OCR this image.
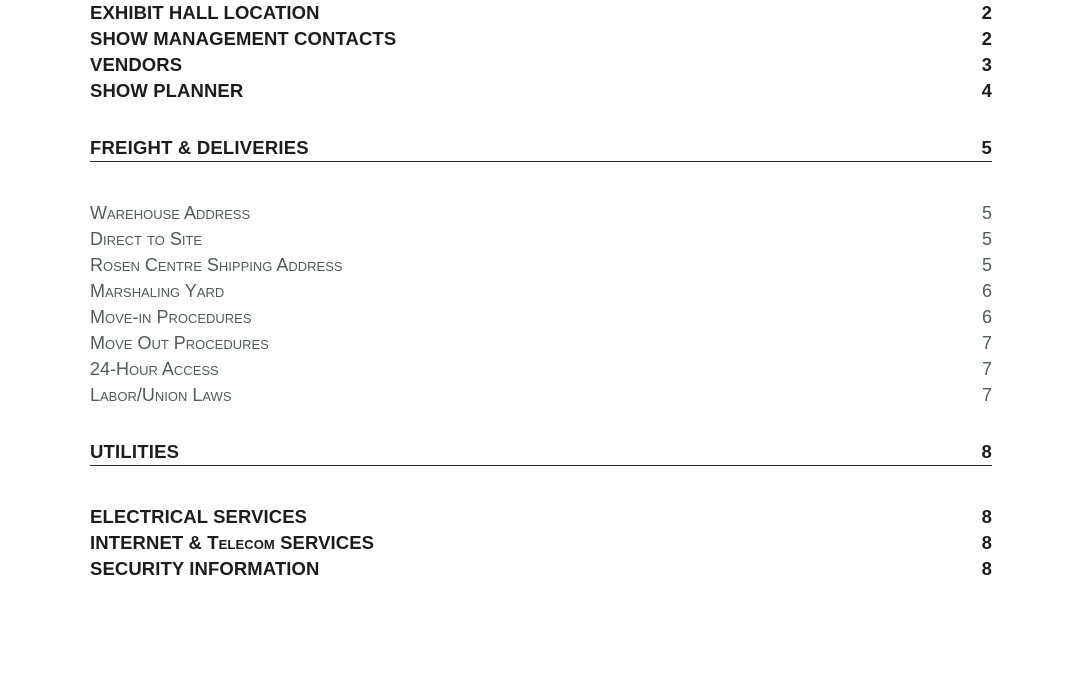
EXHIBIT HALL LOCATION	2
SHOW MANAGEMENT CONTACTS	2
VENDORS	3
SHOW PLANNER	4
FREIGHT & DELIVERIES	5
Warehouse Address	5
Direct to Site	5
Rosen Centre Shipping Address	5
Marshaling Yard	6
Move-in Procedures	6
Move Out Procedures	7
24-Hour Access	7
Labor/Union Laws	7
UTILITIES	8
ELECTRICAL SERVICES	8
INTERNET & Telecom SERVICES	8
SECURITY INFORMATION	8
